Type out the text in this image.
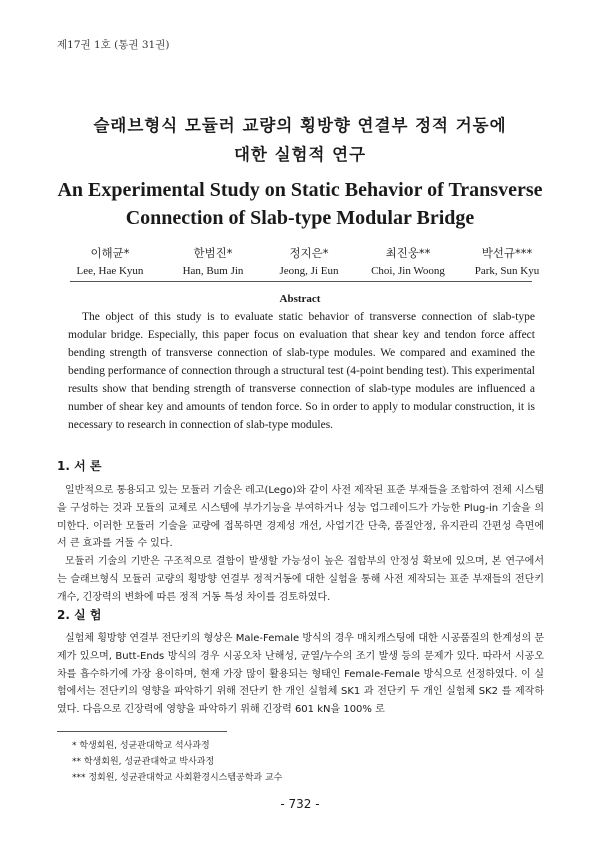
제17권 1호 (통권 31권)
슬래브형식 모듈러 교량의 횡방향 연결부 정적 거동에
대한 실험적 연구
An Experimental Study on Static Behavior of Transverse
Connection of Slab-type Modular Bridge
이해균*
Lee, Hae Kyun
한범진*
Han, Bum Jin
정지은*
Jeong, Ji Eun
최진웅**
Choi, Jin Woong
박선규***
Park, Sun Kyu
Abstract

The object of this study is to evaluate static behavior of transverse connection of slab-type modular bridge. Especially, this paper focus on evaluation that shear key and tendon force affect bending strength of transverse connection of slab-type modules. We compared and examined the bending performance of connection through a structural test (4-point bending test). This experimental results show that bending strength of transverse connection of slab-type modules are influenced a number of shear key and amounts of tendon force. So in order to apply to modular construction, it is necessary to research in connection of slab-type modules.

1. 서 론

일반적으로 통용되고 있는 모듈러 기술은 레고(Lego)와 같이 사전 제작된 표준 부재들을 조합하여 전체 시스템을 구성하는 것과 모듈의 교체로 시스템에 부가기능을 부여하거나 성능 업그레이드가 가능한 Plug-in 기술을 의미한다. 이러한 모듈러 기술을 교량에 접목하면 경제성 개선, 사업기간 단축, 품질안정, 유지관리 간편성 측면에서 큰 효과를 거둘 수 있다.

모듈러 기술의 기반은 구조적으로 결함이 발생할 가능성이 높은 접합부의 안정성 확보에 있으며, 본 연구에서는 슬래브형식 모듈러 교량의 횡방향 연결부 정적거동에 대한 실험을 통해 사전 제작되는 표준 부재들의 전단키 개수, 긴장력의 변화에 따른 정적 거동 특성 차이를 검토하였다.

2. 실 험

실험체 횡방향 연결부 전단키의 형상은 Male-Female 방식의 경우 매치캐스팅에 대한 시공품질의 한계성의 문제가 있으며, Butt-Ends 방식의 경우 시공오차 난해성, 균열/누수의 조기 발생 등의 문제가 있다. 따라서 시공오차를 흡수하기에 가장 용이하며, 현재 가장 많이 활용되는 형태인 Female-Female 방식으로 선정하였다. 이 실험에서는 전단키의 영향을 파악하기 위해 전단키 한 개인 실험체 SK1 과 전단키 두 개인 실험체 SK2 를 제작하였다. 다음으로 긴장력에 영향을 파악하기 위해 긴장력 601 kN을 100% 로

* 학생회원, 성균관대학교 석사과정
** 학생회원, 성균관대학교 박사과정
*** 정회원, 성균관대학교 사회환경시스템공학과 교수
- 732 -
